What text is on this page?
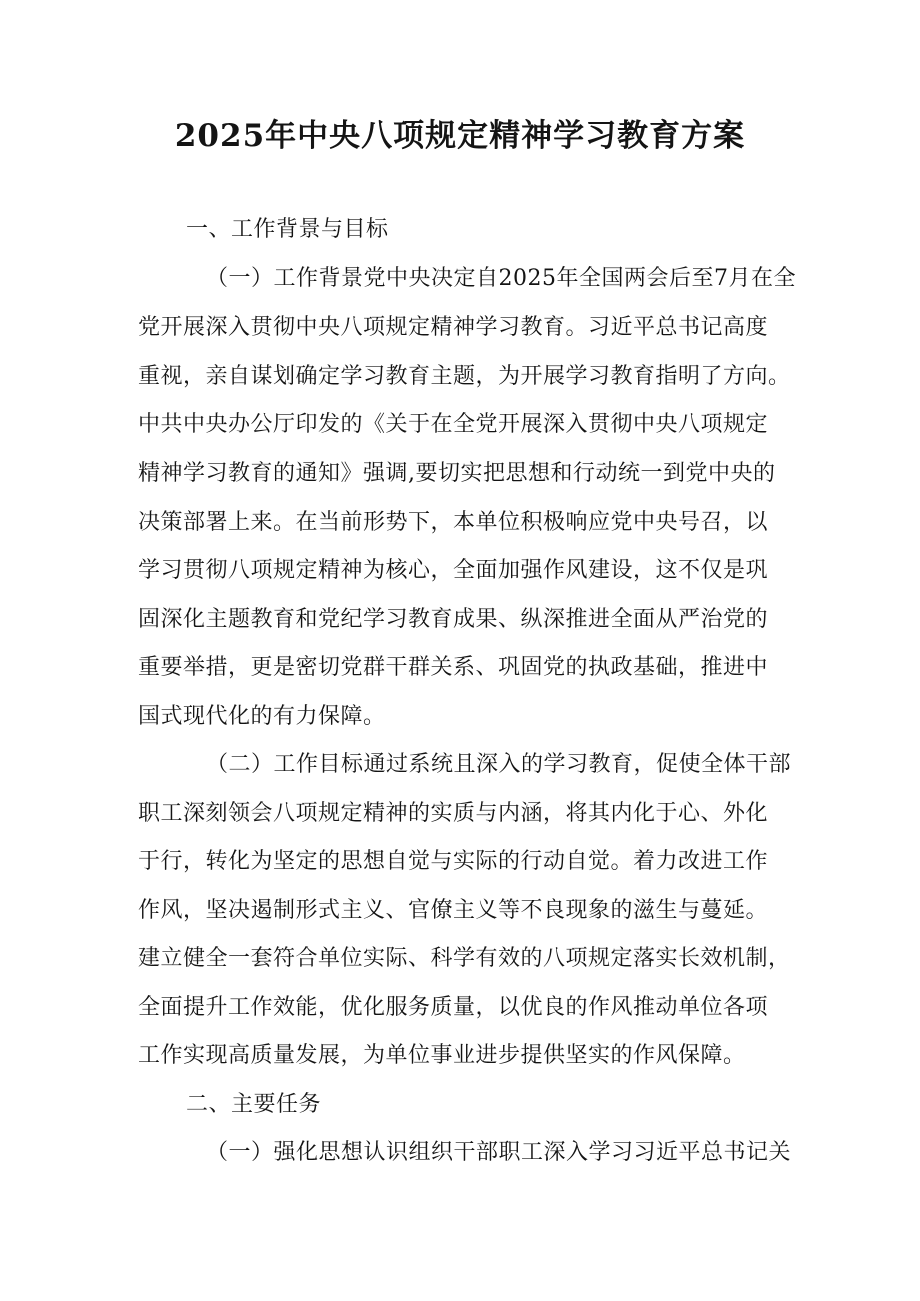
2025年中央八项规定精神学习教育方案
一、工作背景与目标
（一）工作背景党中央决定自2025年全国两会后至7月在全
党开展深入贯彻中央八项规定精神学习教育。习近平总书记高度
重视，亲自谋划确定学习教育主题，为开展学习教育指明了方向。
中共中央办公厅印发的《关于在全党开展深入贯彻中央八项规定
精神学习教育的通知》强调,要切实把思想和行动统一到党中央的
决策部署上来。在当前形势下，本单位积极响应党中央号召，以
学习贯彻八项规定精神为核心，全面加强作风建设，这不仅是巩
固深化主题教育和党纪学习教育成果、纵深推进全面从严治党的
重要举措，更是密切党群干群关系、巩固党的执政基础，推进中
国式现代化的有力保障。
（二）工作目标通过系统且深入的学习教育，促使全体干部
职工深刻领会八项规定精神的实质与内涵，将其内化于心、外化
于行，转化为坚定的思想自觉与实际的行动自觉。着力改进工作
作风，坚决遏制形式主义、官僚主义等不良现象的滋生与蔓延。
建立健全一套符合单位实际、科学有效的八项规定落实长效机制，
全面提升工作效能，优化服务质量，以优良的作风推动单位各项
工作实现高质量发展，为单位事业进步提供坚实的作风保障。
二、主要任务
（一）强化思想认识组织干部职工深入学习习近平总书记关
